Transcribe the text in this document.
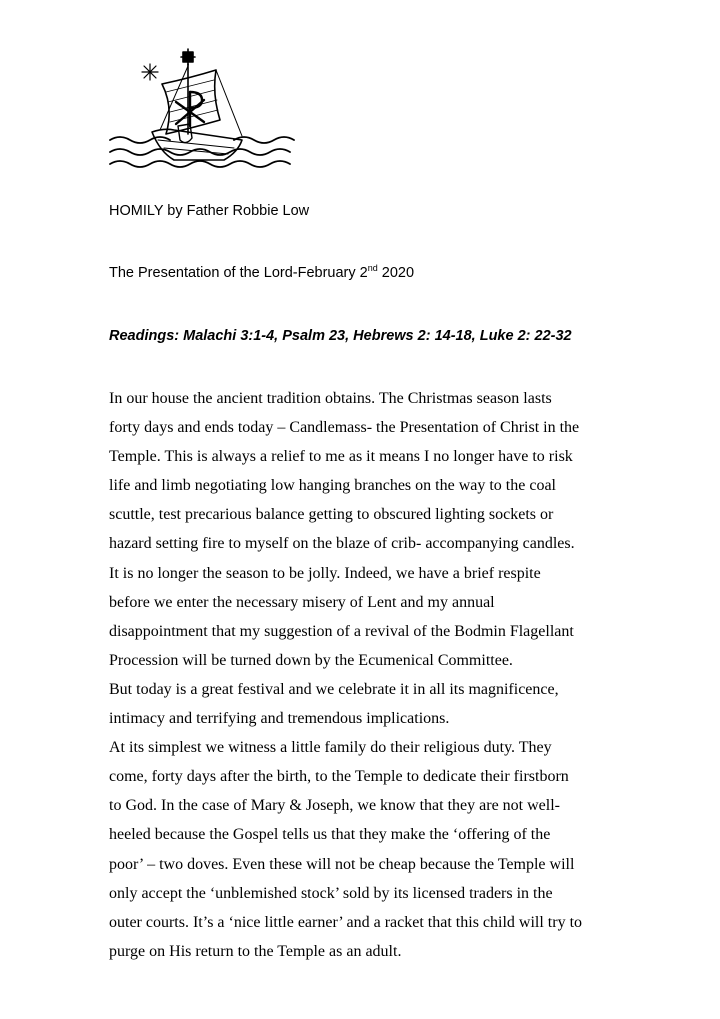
HOMILY by Father Robbie Low
The Presentation of the Lord-February 2nd 2020
Readings: Malachi 3:1-4, Psalm 23, Hebrews 2: 14-18, Luke 2: 22-32
In our house the ancient tradition obtains. The Christmas season lasts
forty days and ends today – Candlemass- the Presentation of Christ in the
Temple. This is always a relief to me as it means I no longer have to risk
life and limb negotiating low hanging branches on the way to the coal
scuttle, test precarious balance getting to obscured lighting sockets or
hazard setting fire to myself on the blaze of crib- accompanying candles.
It is no longer the season to be jolly. Indeed, we have a brief respite
before we enter the necessary misery of Lent and my annual
disappointment that my suggestion of a revival of the Bodmin Flagellant
Procession will be turned down by the Ecumenical Committee.
But today is a great festival and we celebrate it in all its magnificence,
intimacy and terrifying and tremendous implications.
At its simplest we witness a little family do their religious duty. They
come, forty days after the birth, to the Temple to dedicate their firstborn
to God. In the case of Mary & Joseph, we know that they are not well-
heeled because the Gospel tells us that they make the ‘offering of the
poor’ – two doves. Even these will not be cheap because the Temple will
only accept the ‘unblemished stock’ sold by its licensed traders in the
outer courts. It’s a ‘nice little earner’ and a racket that this child will try to
purge on His return to the Temple as an adult.
